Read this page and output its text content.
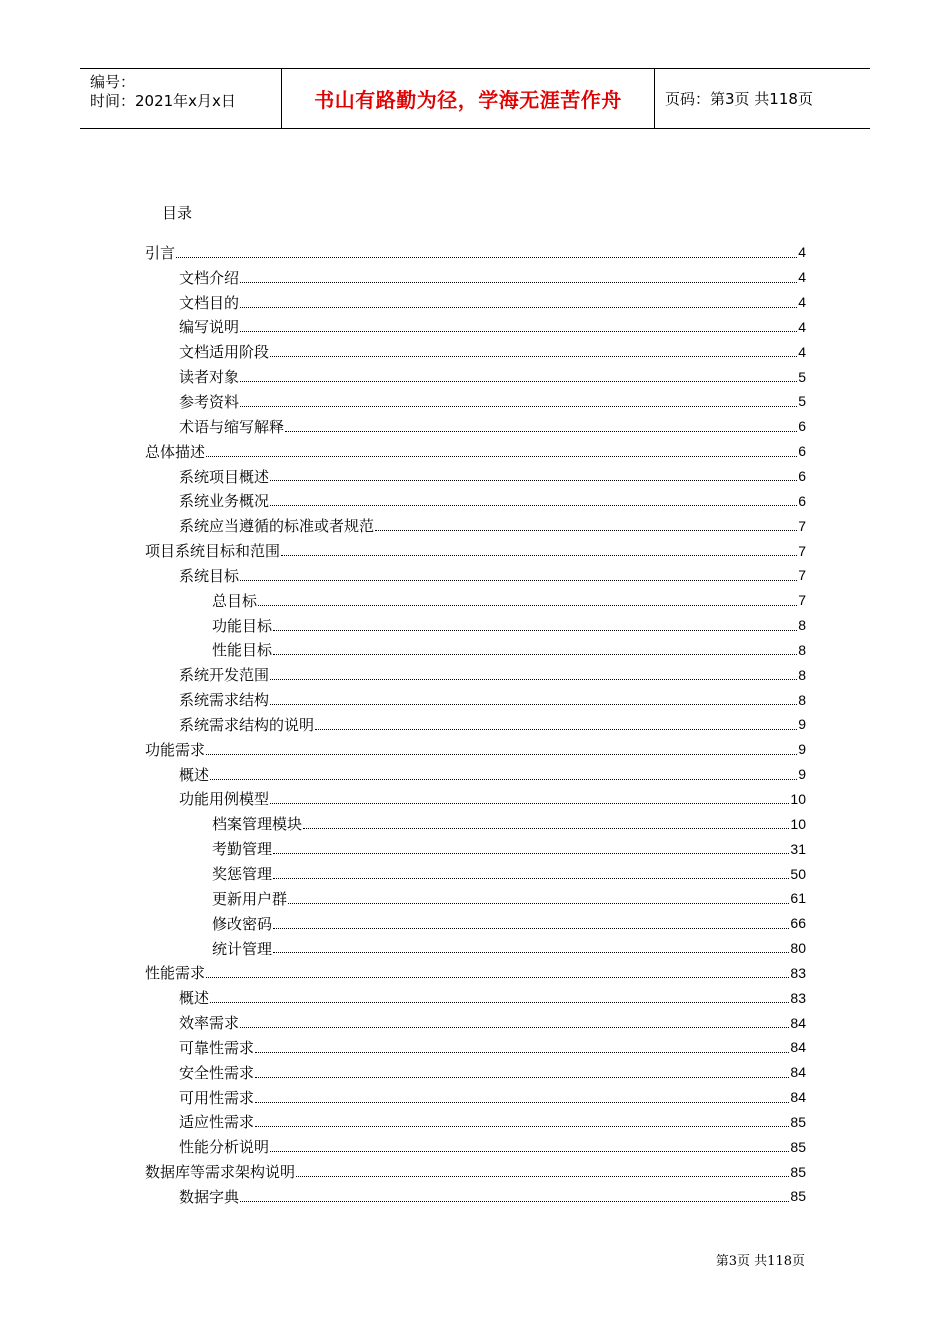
编号：
时间：2021年x月x日	书山有路勤为径，学海无涯苦作舟	页码：第3页 共118页
目录
引言	4
文档介绍	4
文档目的	4
编写说明	4
文档适用阶段	4
读者对象	5
参考资料	5
术语与缩写解释	6
总体描述	6
系统项目概述	6
系统业务概况	6
系统应当遵循的标准或者规范	7
项目系统目标和范围	7
系统目标	7
总目标	7
功能目标	8
性能目标	8
系统开发范围	8
系统需求结构	8
系统需求结构的说明	9
功能需求	9
概述	9
功能用例模型	10
档案管理模块	10
考勤管理	31
奖惩管理	50
更新用户群	61
修改密码	66
统计管理	80
性能需求	83
概述	83
效率需求	84
可靠性需求	84
安全性需求	84
可用性需求	84
适应性需求	85
性能分析说明	85
数据库等需求架构说明	85
数据字典	85
第3页 共118页
